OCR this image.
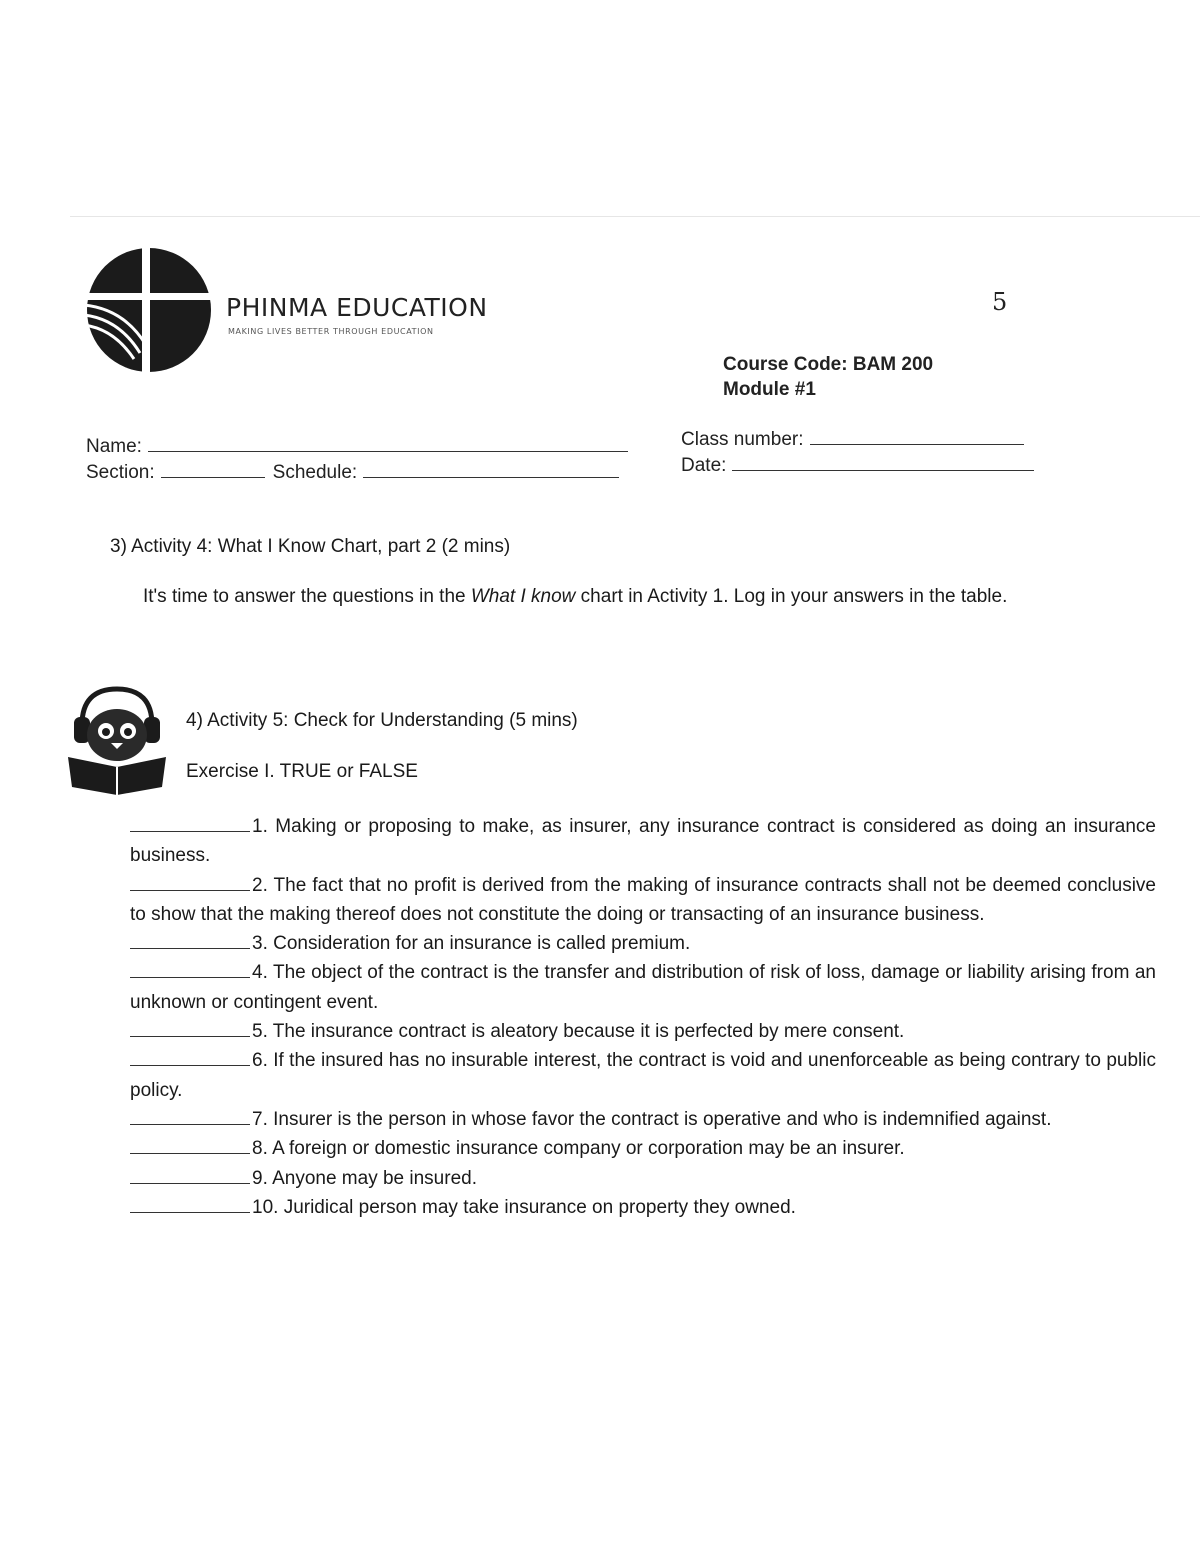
PHINMA EDUCATION
MAKING LIVES BETTER THROUGH EDUCATION
5
Course Code: BAM 200
Module #1
Name:
Section:	Schedule:
Class number:
Date:
3) Activity 4: What I Know Chart, part 2 (2 mins)
It's time to answer the questions in the What I know chart in Activity 1. Log in your answers in the table.
4) Activity 5: Check for Understanding (5 mins)
Exercise I. TRUE or FALSE
1. Making or proposing to make, as insurer, any insurance contract is considered as doing an insurance business.
2. The fact that no profit is derived from the making of insurance contracts shall not be deemed conclusive to show that the making thereof does not constitute the doing or transacting of an insurance business.
3. Consideration for an insurance is called premium.
4. The object of the contract is the transfer and distribution of risk of loss, damage or liability arising from an unknown or contingent event.
5. The insurance contract is aleatory because it is perfected by mere consent.
6. If the insured has no insurable interest, the contract is void and unenforceable as being contrary to public policy.
7. Insurer is the person in whose favor the contract is operative and who is indemnified against.
8. A foreign or domestic insurance company or corporation may be an insurer.
9. Anyone may be insured.
10. Juridical person may take insurance on property they owned.
